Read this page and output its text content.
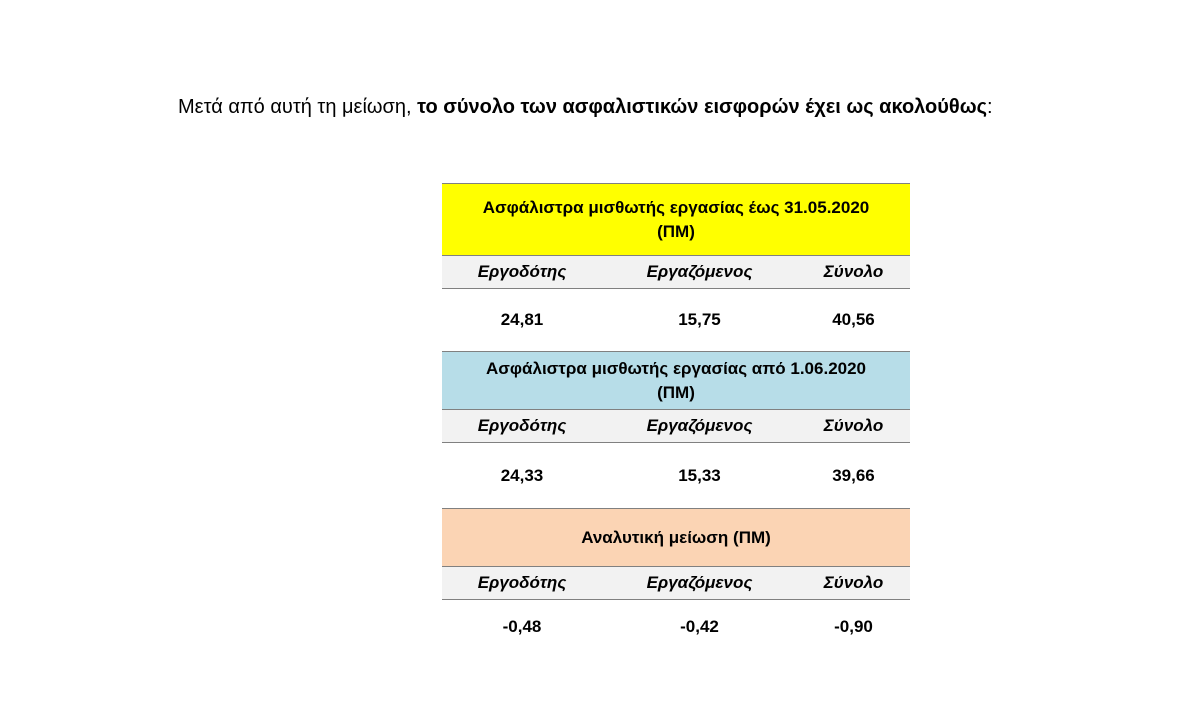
Μετά από αυτή τη μείωση, το σύνολο των ασφαλιστικών εισφορών έχει ως ακολούθως:
Ασφάλιστρα μισθωτής εργασίας έως 31.05.2020
(ΠΜ)
Εργοδότης	Εργαζόμενος	Σύνολο
24,81	15,75	40,56
Ασφάλιστρα μισθωτής εργασίας από 1.06.2020
(ΠΜ)
Εργοδότης	Εργαζόμενος	Σύνολο
24,33	15,33	39,66
Αναλυτική μείωση (ΠΜ)
Εργοδότης	Εργαζόμενος	Σύνολο
-0,48	-0,42	-0,90
